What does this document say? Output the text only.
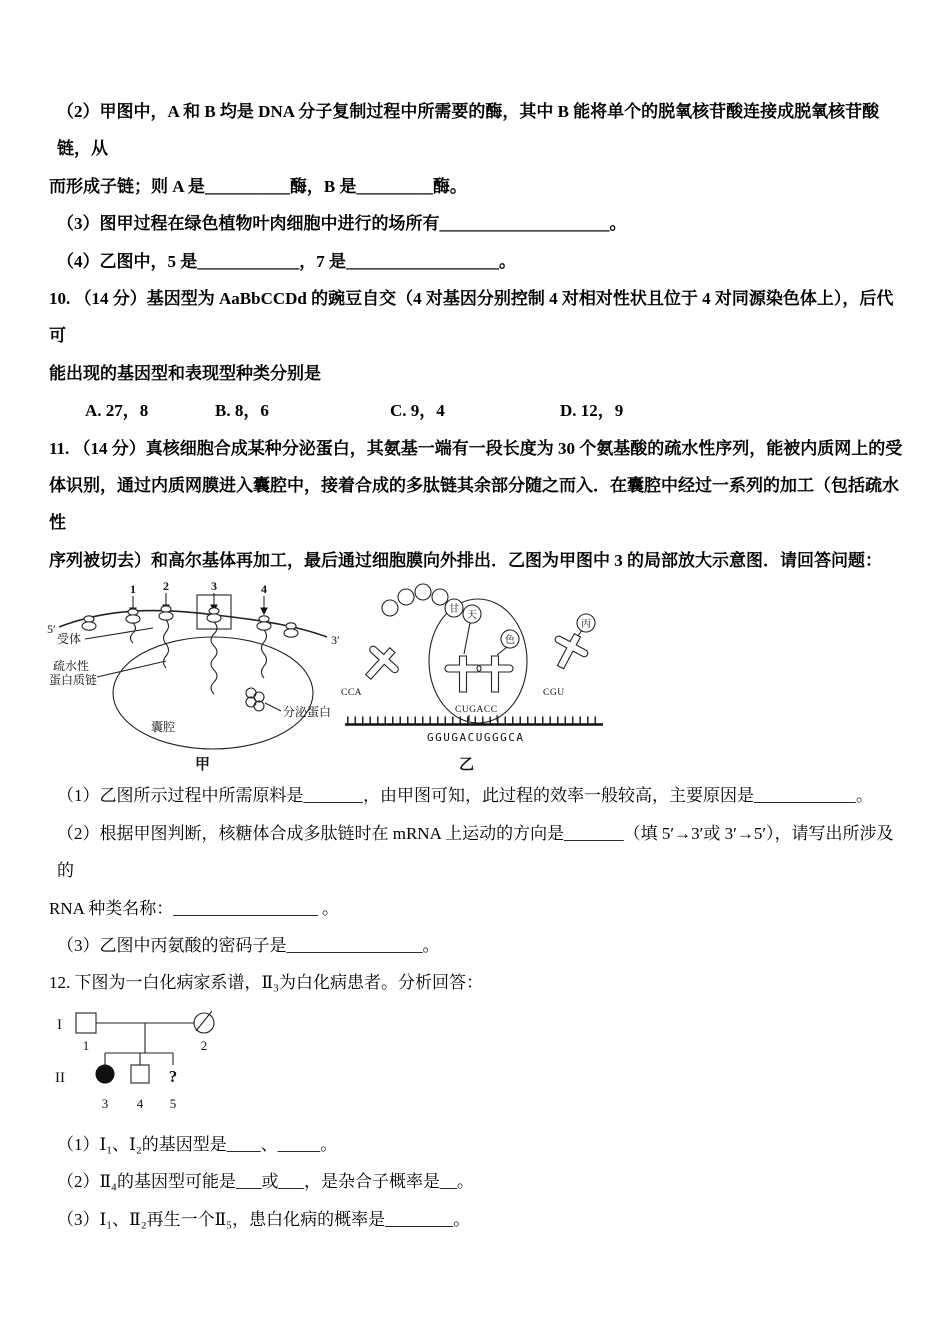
（2）甲图中，A 和 B 均是 DNA 分子复制过程中所需要的酶，其中 B 能将单个的脱氧核苷酸连接成脱氧核苷酸链，从

而形成子链；则 A 是__________酶，B 是_________酶。

（3）图甲过程在绿色植物叶肉细胞中进行的场所有____________________。

（4）乙图中，5 是____________，7 是__________________。

10. （14 分）基因型为 AaBbCCDd 的豌豆自交（4 对基因分别控制 4 对相对性状且位于 4 对同源染色体上），后代可

能出现的基因型和表现型种类分别是

A. 27，8	B. 8，6	C. 9，4	D. 12，9

11. （14 分）真核细胞合成某种分泌蛋白，其氨基一端有一段长度为 30 个氨基酸的疏水性序列，能被内质网上的受

体识别，通过内质网膜进入囊腔中，接着合成的多肽链其余部分随之而入．在囊腔中经过一系列的加工（包括疏水性

序列被切去）和高尔基体再加工，最后通过细胞膜向外排出．乙图为甲图中 3 的局部放大示意图．请回答问题：

1 2	3	4
5′
3′
受体
疏水性
蛋白质链
囊腔
分泌蛋白
甲
甘
天
色
丙
CCA
CUGACC
CGU
GGUGACUGGGCA
乙

（1）乙图所示过程中所需原料是_______，由甲图可知，此过程的效率一般较高，主要原因是____________。

（2）根据甲图判断，核糖体合成多肽链时在 mRNA 上运动的方向是_______（填 5′→3′或 3′→5′），请写出所涉及的

RNA 种类名称：_________________ 。

（3）乙图中丙氨酸的密码子是________________。

12. 下图为一白化病家系谱，Ⅱ₃为白化病患者。分析回答：

I
II
1	2
?
3 4 5

（1）Ⅰ₁、Ⅰ₂的基因型是____、_____。

（2）Ⅱ₄的基因型可能是___或___，是杂合子概率是__。

（3）Ⅰ₁、Ⅱ₂再生一个Ⅱ₅，患白化病的概率是________。
